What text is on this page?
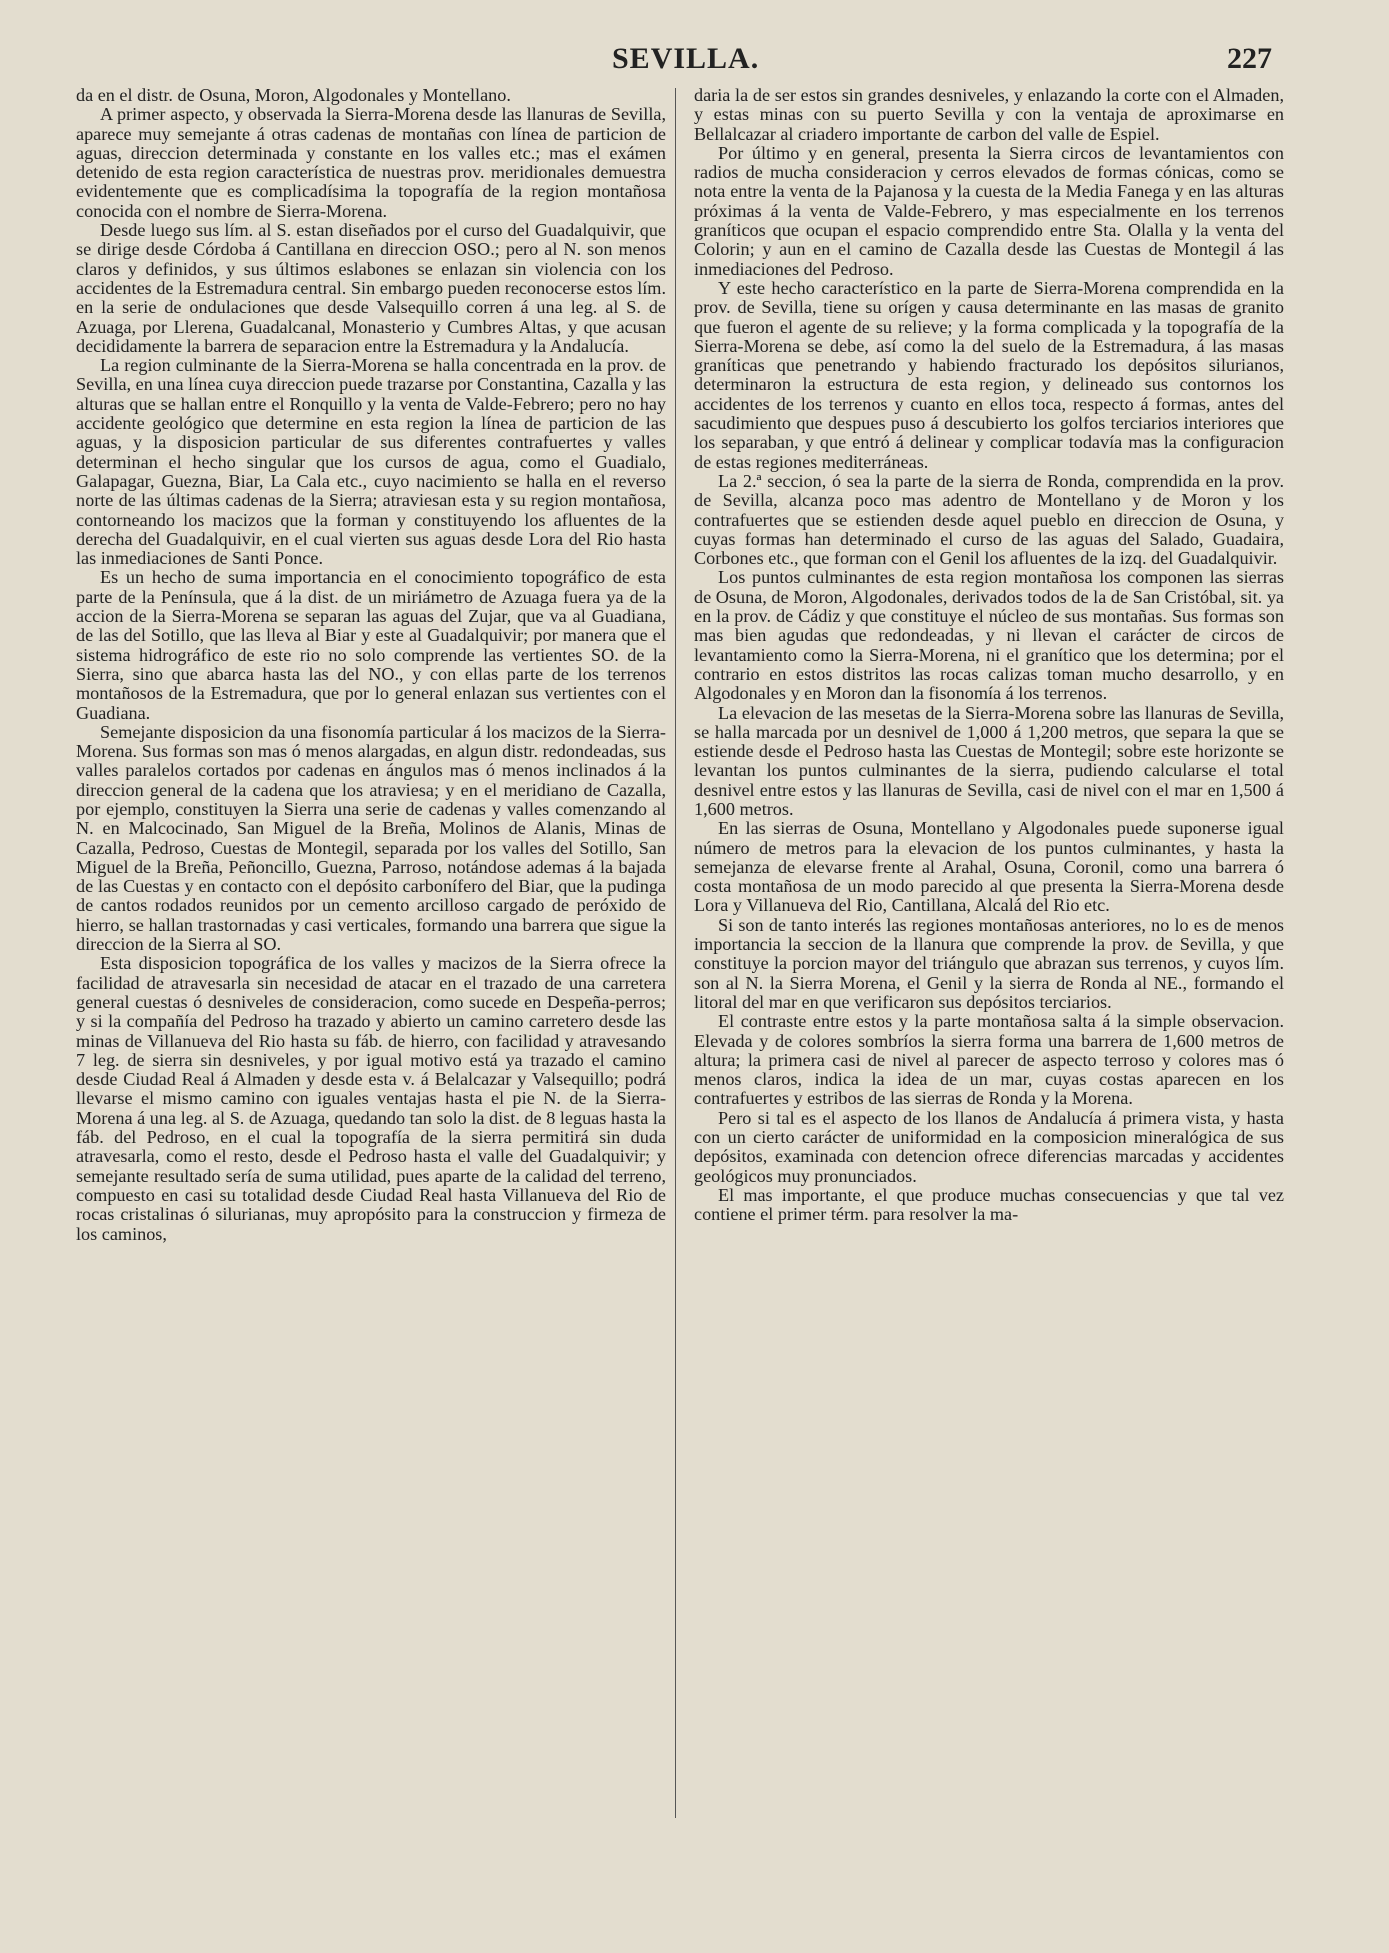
SEVILLA.	227

da en el distr. de Osuna, Moron, Algodonales y Montellano.

A primer aspecto, y observada la Sierra-Morena desde las llanuras de Sevilla, aparece muy semejante á otras cadenas de montañas con línea de particion de aguas, direccion determinada y constante en los valles etc.; mas el exámen detenido de esta region característica de nuestras prov. meridionales demuestra evidentemente que es complicadísima la topografía de la region montañosa conocida con el nombre de Sierra-Morena.

Desde luego sus lím. al S. estan diseñados por el curso del Guadalquivir, que se dirige desde Córdoba á Cantillana en direccion OSO.; pero al N. son menos claros y definidos, y sus últimos eslabones se enlazan sin violencia con los accidentes de la Estremadura central. Sin embargo pueden reconocerse estos lím. en la serie de ondulaciones que desde Valsequillo corren á una leg. al S. de Azuaga, por Llerena, Guadalcanal, Monasterio y Cumbres Altas, y que acusan decididamente la barrera de separacion entre la Estremadura y la Andalucía.

La region culminante de la Sierra-Morena se halla concentrada en la prov. de Sevilla, en una línea cuya direccion puede trazarse por Constantina, Cazalla y las alturas que se hallan entre el Ronquillo y la venta de Valde-Febrero; pero no hay accidente geológico que determine en esta region la línea de particion de las aguas, y la disposicion particular de sus diferentes contrafuertes y valles determinan el hecho singular que los cursos de agua, como el Guadialo, Galapagar, Guezna, Biar, La Cala etc., cuyo nacimiento se halla en el reverso norte de las últimas cadenas de la Sierra; atraviesan esta y su region montañosa, contorneando los macizos que la forman y constituyendo los afluentes de la derecha del Guadalquivir, en el cual vierten sus aguas desde Lora del Rio hasta las inmediaciones de Santi Ponce.

Es un hecho de suma importancia en el conocimiento topográfico de esta parte de la Península, que á la dist. de un miriámetro de Azuaga fuera ya de la accion de la Sierra-Morena se separan las aguas del Zujar, que va al Guadiana, de las del Sotillo, que las lleva al Biar y este al Guadalquivir; por manera que el sistema hidrográfico de este rio no solo comprende las vertientes SO. de la Sierra, sino que abarca hasta las del NO., y con ellas parte de los terrenos montañosos de la Estremadura, que por lo general enlazan sus vertientes con el Guadiana.

Semejante disposicion da una fisonomía particular á los macizos de la Sierra-Morena. Sus formas son mas ó menos alargadas, en algun distr. redondeadas, sus valles paralelos cortados por cadenas en ángulos mas ó menos inclinados á la direccion general de la cadena que los atraviesa; y en el meridiano de Cazalla, por ejemplo, constituyen la Sierra una serie de cadenas y valles comenzando al N. en Malcocinado, San Miguel de la Breña, Molinos de Alanis, Minas de Cazalla, Pedroso, Cuestas de Montegil, separada por los valles del Sotillo, San Miguel de la Breña, Peñoncillo, Guezna, Parroso, notándose ademas á la bajada de las Cuestas y en contacto con el depósito carbonífero del Biar, que la pudinga de cantos rodados reunidos por un cemento arcilloso cargado de peróxido de hierro, se hallan trastornadas y casi verticales, formando una barrera que sigue la direccion de la Sierra al SO.

Esta disposicion topográfica de los valles y macizos de la Sierra ofrece la facilidad de atravesarla sin necesidad de atacar en el trazado de una carretera general cuestas ó desniveles de consideracion, como sucede en Despeña-perros; y si la compañía del Pedroso ha trazado y abierto un camino carretero desde las minas de Villanueva del Rio hasta su fáb. de hierro, con facilidad y atravesando 7 leg. de sierra sin desniveles, y por igual motivo está ya trazado el camino desde Ciudad Real á Almaden y desde esta v. á Belalcazar y Valsequillo; podrá llevarse el mismo camino con iguales ventajas hasta el pie N. de la Sierra-Morena á una leg. al S. de Azuaga, quedando tan solo la dist. de 8 leguas hasta la fáb. del Pedroso, en el cual la topografía de la sierra permitirá sin duda atravesarla, como el resto, desde el Pedroso hasta el valle del Guadalquivir; y semejante resultado sería de suma utilidad, pues aparte de la calidad del terreno, compuesto en casi su totalidad desde Ciudad Real hasta Villanueva del Rio de rocas cristalinas ó silurianas, muy apropósito para la construccion y firmeza de los caminos,

daria la de ser estos sin grandes desniveles, y enlazando la corte con el Almaden, y estas minas con su puerto Sevilla y con la ventaja de aproximarse en Bellalcazar al criadero importante de carbon del valle de Espiel.

Por último y en general, presenta la Sierra circos de levantamientos con radios de mucha consideracion y cerros elevados de formas cónicas, como se nota entre la venta de la Pajanosa y la cuesta de la Media Fanega y en las alturas próximas á la venta de Valde-Febrero, y mas especialmente en los terrenos graníticos que ocupan el espacio comprendido entre Sta. Olalla y la venta del Colorin; y aun en el camino de Cazalla desde las Cuestas de Montegil á las inmediaciones del Pedroso.

Y este hecho característico en la parte de Sierra-Morena comprendida en la prov. de Sevilla, tiene su orígen y causa determinante en las masas de granito que fueron el agente de su relieve; y la forma complicada y la topografía de la Sierra-Morena se debe, así como la del suelo de la Estremadura, á las masas graníticas que penetrando y habiendo fracturado los depósitos silurianos, determinaron la estructura de esta region, y delineado sus contornos los accidentes de los terrenos y cuanto en ellos toca, respecto á formas, antes del sacudimiento que despues puso á descubierto los golfos terciarios interiores que los separaban, y que entró á delinear y complicar todavía mas la configuracion de estas regiones mediterráneas.

La 2.ª seccion, ó sea la parte de la sierra de Ronda, comprendida en la prov. de Sevilla, alcanza poco mas adentro de Montellano y de Moron y los contrafuertes que se estienden desde aquel pueblo en direccion de Osuna, y cuyas formas han determinado el curso de las aguas del Salado, Guadaira, Corbones etc., que forman con el Genil los afluentes de la izq. del Guadalquivir.

Los puntos culminantes de esta region montañosa los componen las sierras de Osuna, de Moron, Algodonales, derivados todos de la de San Cristóbal, sit. ya en la prov. de Cádiz y que constituye el núcleo de sus montañas. Sus formas son mas bien agudas que redondeadas, y ni llevan el carácter de circos de levantamiento como la Sierra-Morena, ni el granítico que los determina; por el contrario en estos distritos las rocas calizas toman mucho desarrollo, y en Algodonales y en Moron dan la fisonomía á los terrenos.

La elevacion de las mesetas de la Sierra-Morena sobre las llanuras de Sevilla, se halla marcada por un desnivel de 1,000 á 1,200 metros, que separa la que se estiende desde el Pedroso hasta las Cuestas de Montegil; sobre este horizonte se levantan los puntos culminantes de la sierra, pudiendo calcularse el total desnivel entre estos y las llanuras de Sevilla, casi de nivel con el mar en 1,500 á 1,600 metros.

En las sierras de Osuna, Montellano y Algodonales puede suponerse igual número de metros para la elevacion de los puntos culminantes, y hasta la semejanza de elevarse frente al Arahal, Osuna, Coronil, como una barrera ó costa montañosa de un modo parecido al que presenta la Sierra-Morena desde Lora y Villanueva del Rio, Cantillana, Alcalá del Rio etc.

Si son de tanto interés las regiones montañosas anteriores, no lo es de menos importancia la seccion de la llanura que comprende la prov. de Sevilla, y que constituye la porcion mayor del triángulo que abrazan sus terrenos, y cuyos lím. son al N. la Sierra Morena, el Genil y la sierra de Ronda al NE., formando el litoral del mar en que verificaron sus depósitos terciarios.

El contraste entre estos y la parte montañosa salta á la simple observacion. Elevada y de colores sombríos la sierra forma una barrera de 1,600 metros de altura; la primera casi de nivel al parecer de aspecto terroso y colores mas ó menos claros, indica la idea de un mar, cuyas costas aparecen en los contrafuertes y estribos de las sierras de Ronda y la Morena.

Pero si tal es el aspecto de los llanos de Andalucía á primera vista, y hasta con un cierto carácter de uniformidad en la composicion mineralógica de sus depósitos, examinada con detencion ofrece diferencias marcadas y accidentes geológicos muy pronunciados.

El mas importante, el que produce muchas consecuencias y que tal vez contiene el primer térm. para resolver la ma-
